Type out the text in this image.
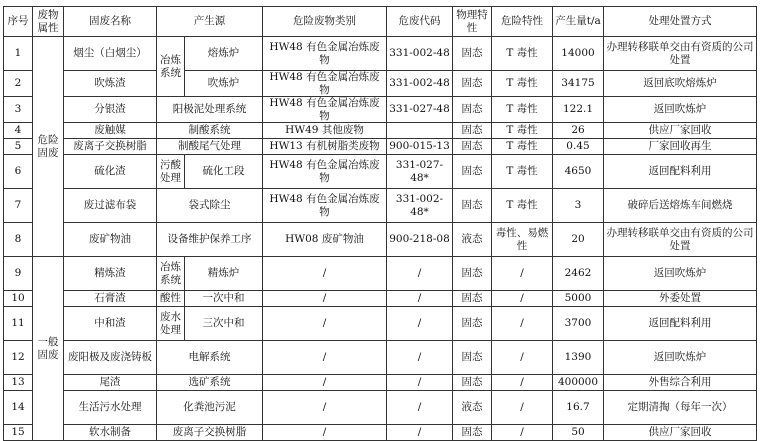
序号	废物属性	固废名称	产生源		危险废物类别	危废代码	物理特性	危险特性	产生量t/a	处理处置方式
1	危险固废	烟尘（白烟尘）	冶炼系统	熔炼炉	HW48 有色金属冶炼废物	331-002-48	固态	T 毒性	14000	办理转移联单交由有资质的公司处置
2		吹炼渣		吹炼炉	HW48 有色金属冶炼废物	331-002-48	固态	T 毒性	34175	返回底吹熔炼炉
3		分银渣	阳极泥处理系统		HW48 有色金属冶炼废物	331-027-48	固态	T 毒性	122.1	返回吹炼炉
4		废触媒	制酸系统		HW49 其他废物		固态	T 毒性	26	供应厂家回收
5		废离子交换树脂	制酸尾气处理		HW13 有机树脂类废物	900-015-13	固态	T 毒性	0.45	厂家回收再生
6		硫化渣	污酸处理	硫化工段	HW48 有色金属冶炼废物	331-027-48*	固态	T 毒性	4650	返回配料利用
7		废过滤布袋	袋式除尘		HW48 有色金属冶炼废物	331-002-48*	固态	T 毒性	3	破碎后送熔炼车间燃烧
8		废矿物油	设备维护保养工序		HW08 废矿物油	900-218-08	液态	毒性、易燃性	20	办理转移联单交由有资质的公司处置
9	一般固废	精炼渣	冶炼系统	精炼炉	/	/	固态	/	2462	返回吹炼炉
10		石膏渣	酸性	一次中和	/	/	固态	/	5000	外委处置
11		中和渣	废水处理	三次中和	/	/	固态	/	3700	返回配料利用
12		废阳极及废浇铸板	电解系统		/	/	固态	/	1390	返回吹炼炉
13		尾渣	选矿系统		/	/	固态	/	400000	外售综合利用
14		生活污水处理	化粪池污泥		/	/	液态	/	16.7	定期清掏（每年一次）
15		软水制备	废离子交换树脂		/	/	固态	/	50	供应厂家回收
